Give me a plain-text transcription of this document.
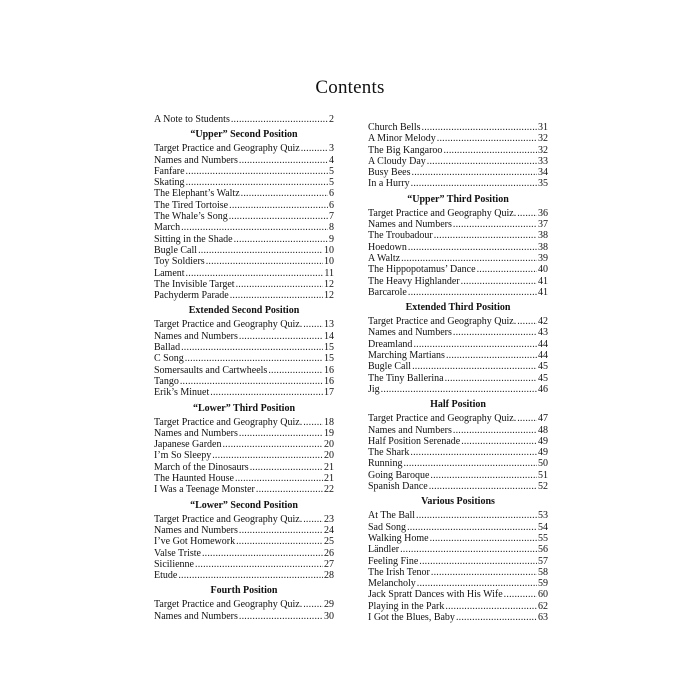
Contents
A Note to Students .....	2
“Upper” Second Position
Target Practice and Geography Quiz .....	3
Names and Numbers .....	4
Fanfare .....	5
Skating .....	5
The Elephant’s Waltz .....	6
The Tired Tortoise .....	6
The Whale’s Song .....	7
March .....	8
Sitting in the Shade .....	9
Bugle Call .....	10
Toy Soldiers .....	10
Lament .....	11
The Invisible Target .....	12
Pachyderm Parade .....	12
Extended Second Position
Target Practice and Geography Quiz. ..... 13
Names and Numbers .....	14
Ballad .....	15
C Song .....	15
Somersaults and Cartwheels .....	16
Tango .....	16
Erik’s Minuet .....	17
“Lower” Third Position
Target Practice and Geography Quiz. ..... 18
Names and Numbers .....	19
Japanese Garden .....	20
I’m So Sleepy .....	20
March of the Dinosaurs .....	21
The Haunted House .....	21
I Was a Teenage Monster .....	22
“Lower” Second Position
Target Practice and Geography Quiz. ..... 23
Names and Numbers .....	24
I’ve Got Homework .....	25
Valse Triste .....	26
Sicilienne .....	27
Etude .....	28
Fourth Position
Target Practice and Geography Quiz. ..... 29
Names and Numbers .....	30
Church Bells .....	31
A Minor Melody .....	32
The Big Kangaroo .....	32
A Cloudy Day .....	33
Busy Bees .....	34
In a Hurry .....	35
“Upper” Third Position
Target Practice and Geography Quiz. ..... 36
Names and Numbers .....	37
The Troubadour .....	38
Hoedown .....	38
A Waltz .....	39
The Hippopotamus’ Dance .....	40
The Heavy Highlander .....	41
Barcarole .....	41
Extended Third Position
Target Practice and Geography Quiz. ..... 42
Names and Numbers .....	43
Dreamland .....	44
Marching Martians .....	44
Bugle Call .....	45
The Tiny Ballerina .....	45
Jig .....	46
Half Position
Target Practice and Geography Quiz. ..... 47
Names and Numbers .....	48
Half Position Serenade .....	49
The Shark .....	49
Running .....	50
Going Baroque .....	51
Spanish Dance .....	52
Various Positions
At The Ball .....	53
Sad Song .....	54
Walking Home .....	55
Ländler .....	56
Feeling Fine .....	57
The Irish Tenor .....	58
Melancholy .....	59
Jack Spratt Dances with His Wife .....	60
Playing in the Park .....	62
I Got the Blues, Baby .....	63
